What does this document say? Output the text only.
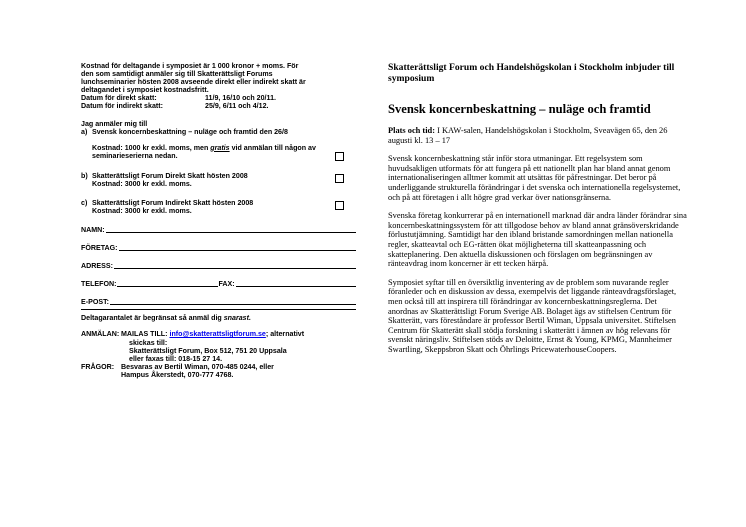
Kostnad för deltagande i symposiet är 1 000 kronor + moms. För
den som samtidigt anmäler sig till Skatterättsligt Forums
lunchseminarier hösten 2008 avseende direkt eller indirekt skatt är
deltagandet i symposiet kostnadsfritt.
Datum för direkt skatt:	11/9, 16/10 och 20/11.
Datum för indirekt skatt:	25/9, 6/11 och 4/12.
Jag anmäler mig till
a) Svensk koncernbeskattning – nuläge och framtid den 26/8
Kostnad: 1000 kr exkl. moms, men gratis vid anmälan till någon av seminarieserierna nedan.
b) Skatterättsligt Forum Direkt Skatt hösten 2008
Kostnad: 3000 kr exkl. moms.
c) Skatterättsligt Forum Indirekt Skatt hösten 2008
Kostnad: 3000 kr exkl. moms.
NAMN:
FÖRETAG:
ADRESS:
TELEFON:	FAX:
E-POST:
Deltagarantalet är begränsat så anmäl dig snarast.
ANMÄLAN: MAILAS TILL: info@skatterattsligtforum.se; alternativt
skickas till:
Skatterättsligt Forum, Box 512, 751 20 Uppsala
eller faxas till: 018-15 27 14.
FRÅGOR: Besvaras av Bertil Wiman, 070-485 0244, eller
Hampus Åkerstedt, 070-777 4768.
Skatterättsligt Forum och Handelshögskolan i Stockholm inbjuder till symposium
Svensk koncernbeskattning – nuläge och framtid

Plats och tid: I KAW-salen, Handelshögskolan i Stockholm, Sveavägen 65, den 26 augusti kl. 13 – 17

Svensk koncernbeskattning står inför stora utmaningar. Ett regelsystem som huvudsakligen utformats för att fungera på ett nationellt plan har bland annat genom internationaliseringen alltmer kommit att utsättas för påfrestningar. Det beror på underliggande strukturella förändringar i det svenska och internationella regelsystemet, och på att företagen i allt högre grad verkar över nationsgränserna.

Svenska företag konkurrerar på en internationell marknad där andra länder förändrar sina koncernbeskattningssystem för att tillgodose behov av bland annat gränsöverskridande förlustutjämning. Samtidigt har den ibland bristande samordningen mellan nationella regler, skatteavtal och EG-rätten ökat möjligheterna till skatteanpassning och skatteplanering. Den aktuella diskussionen och förslagen om begränsningen av ränteavdrag inom koncerner är ett tecken härpå.

Symposiet syftar till en översiktlig inventering av de problem som nuvarande regler föranleder och en diskussion av dessa, exempelvis det liggande ränteavdragsförslaget, men också till att inspirera till förändringar av koncernbeskattningsreglerna. Det anordnas av Skatterättsligt Forum Sverige AB. Bolaget ägs av stiftelsen Centrum för Skatterätt, vars föreståndare är professor Bertil Wiman, Uppsala universitet. Stiftelsen Centrum för Skatterätt skall stödja forskning i skatterätt i ämnen av hög relevans för svenskt näringsliv. Stiftelsen stöds av Deloitte, Ernst & Young, KPMG, Mannheimer Swartling, Skeppsbron Skatt och Öhrlings PricewaterhouseCoopers.
